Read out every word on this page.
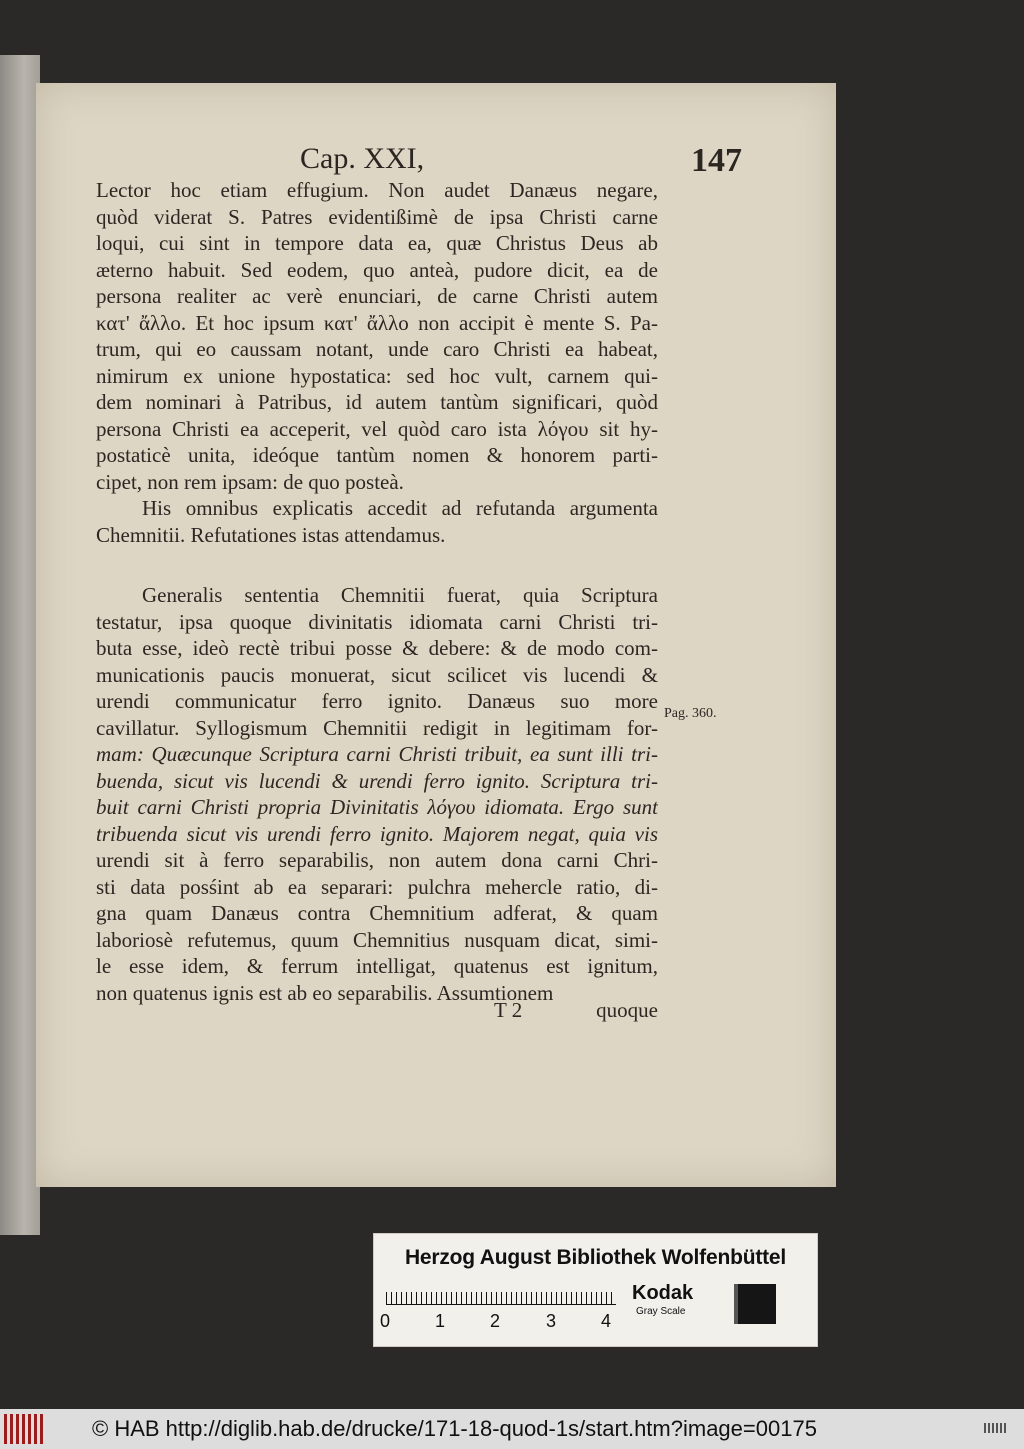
Cap. XXI,	147
Lector hoc etiam effugium. Non audet Danæus negare,
quòd viderat S. Patres evidentißimè de ipsa Christi carne
loqui, cui sint in tempore data ea, quæ Christus Deus ab
æterno habuit. Sed eodem, quo anteà, pudore dicit, ea de
persona realiter ac verè enunciari, de carne Christi autem
κατ' ἄλλο. Et hoc ipsum κατ' ἄλλο non accipit è mente S. Pa-
trum, qui eo caussam notant, unde caro Christi ea habeat,
nimirum ex unione hypostatica: sed hoc vult, carnem qui-
dem nominari à Patribus, id autem tantùm significari, quòd
persona Christi ea acceperit, vel quòd caro ista λόγου sit hy-
postaticè unita, ideóque tantùm nomen & honorem parti-
cipet, non rem ipsam: de quo posteà.
His omnibus explicatis accedit ad refutanda argumenta
Chemnitii. Refutationes istas attendamus.
Generalis sententia Chemnitii fuerat, quia Scriptura
testatur, ipsa quoque divinitatis idiomata carni Christi tri-
buta esse, ideò rectè tribui posse & debere: & de modo com-
municationis paucis monuerat, sicut scilicet vis lucendi &
urendi communicatur ferro ignito. Danæus suo more
cavillatur. Syllogismum Chemnitii redigit in legitimam for-
mam: Quæcunque Scriptura carni Christi tribuit, ea sunt illi tri-
buenda, sicut vis lucendi & urendi ferro ignito. Scriptura tri-
buit carni Christi propria Divinitatis λόγου idiomata. Ergo sunt
tribuenda sicut vis urendi ferro ignito. Majorem negat, quia vis
urendi sit à ferro separabilis, non autem dona carni Chri-
sti data posśint ab ea separari: pulchra mehercle ratio, di-
gna quam Danæus contra Chemnitium adferat, & quam
laboriosè refutemus, quum Chemnitius nusquam dicat, simi-
le esse idem, & ferrum intelligat, quatenus est ignitum,
non quatenus ignis est ab eo separabilis. Assumtionem
Pag. 360.
T 2	quoque
Herzog August Bibliothek Wolfenbüttel
0 1 2	3 4
Kodak
Gray Scale
© HAB http://diglib.hab.de/drucke/171-18-quod-1s/start.htm?image=00175
